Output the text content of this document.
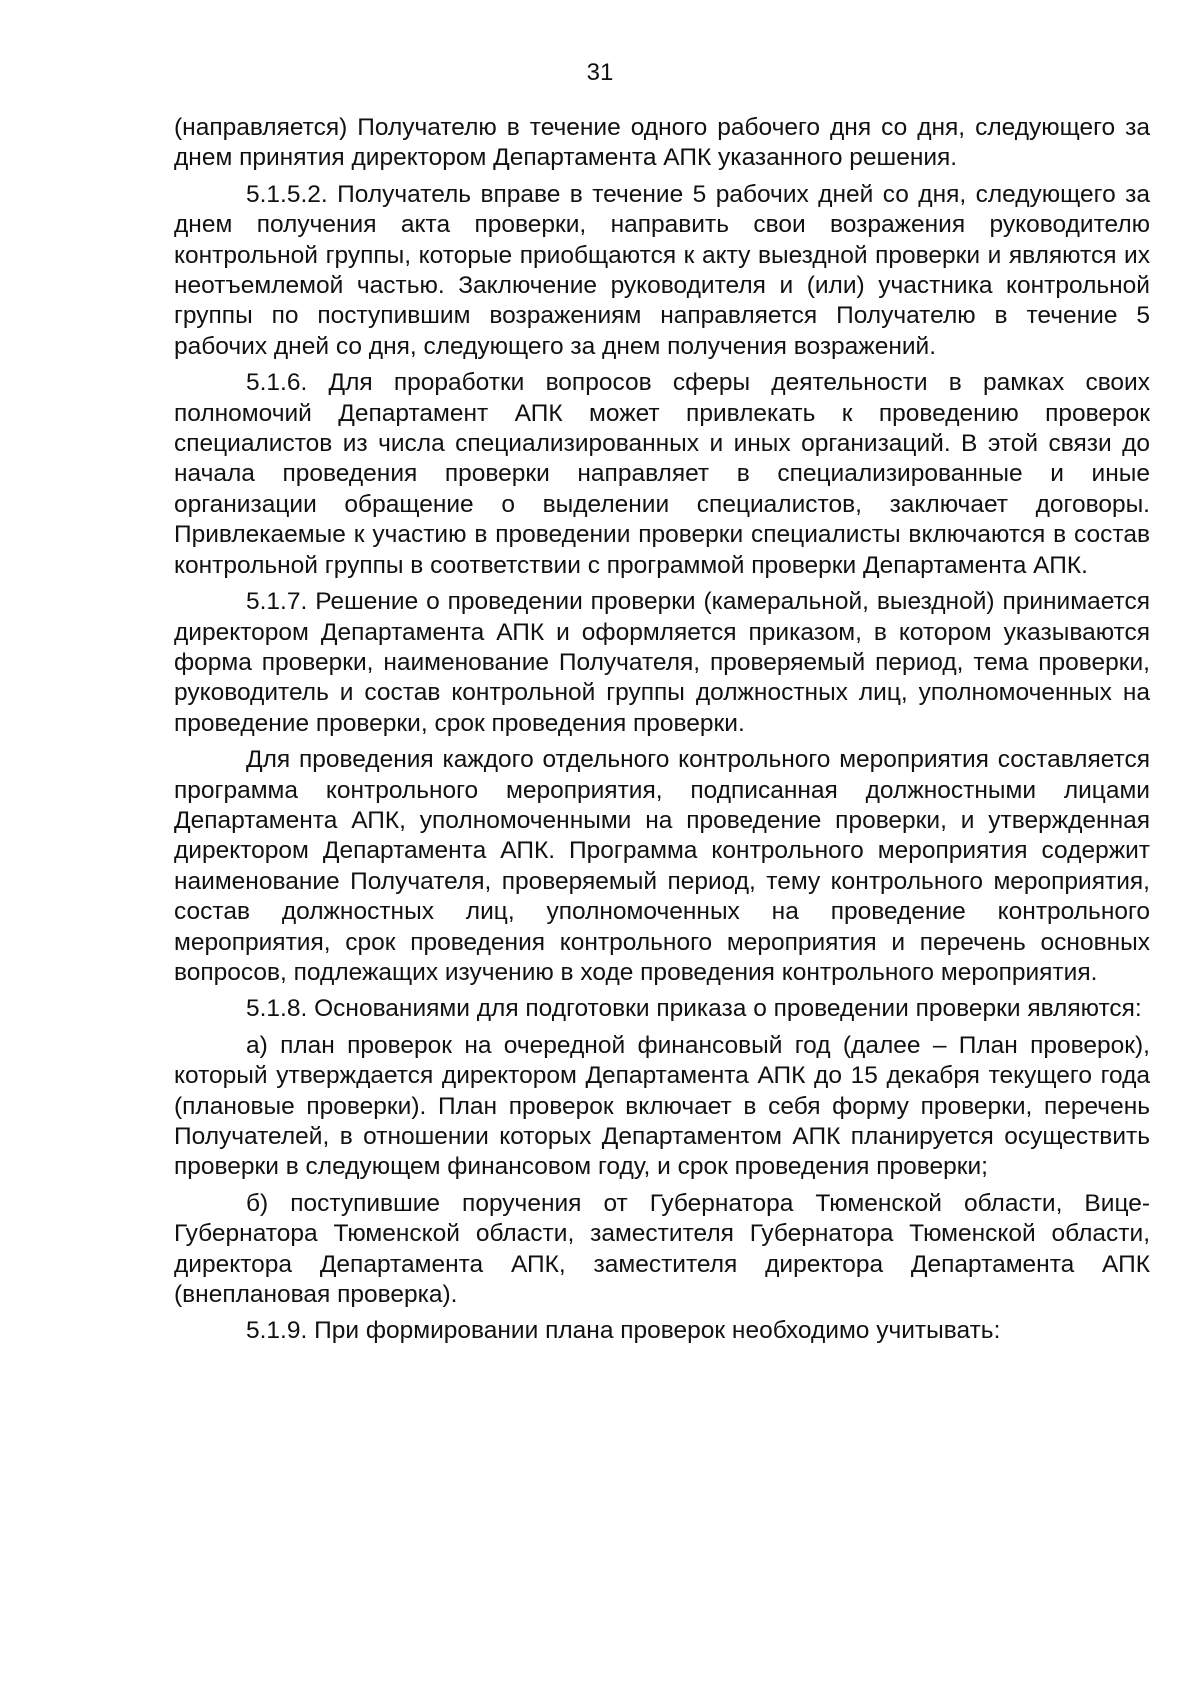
31

(направляется) Получателю в течение одного рабочего дня со дня, следующего за днем принятия директором Департамента АПК указанного решения.

5.1.5.2. Получатель вправе в течение 5 рабочих дней со дня, следующего за днем получения акта проверки, направить свои возражения руководителю контрольной группы, которые приобщаются к акту выездной проверки и являются их неотъемлемой частью. Заключение руководителя и (или) участника контрольной группы по поступившим возражениям направляется Получателю в течение 5 рабочих дней со дня, следующего за днем получения возражений.

5.1.6. Для проработки вопросов сферы деятельности в рамках своих полномочий Департамент АПК может привлекать к проведению проверок специалистов из числа специализированных и иных организаций. В этой связи до начала проведения проверки направляет в специализированные и иные организации обращение о выделении специалистов, заключает договоры. Привлекаемые к участию в проведении проверки специалисты включаются в состав контрольной группы в соответствии с программой проверки Департамента АПК.

5.1.7. Решение о проведении проверки (камеральной, выездной) принимается директором Департамента АПК и оформляется приказом, в котором указываются форма проверки, наименование Получателя, проверяемый период, тема проверки, руководитель и состав контрольной группы должностных лиц, уполномоченных на проведение проверки, срок проведения проверки.

Для проведения каждого отдельного контрольного мероприятия составляется программа контрольного мероприятия, подписанная должностными лицами Департамента АПК, уполномоченными на проведение проверки, и утвержденная директором Департамента АПК. Программа контрольного мероприятия содержит наименование Получателя, проверяемый период, тему контрольного мероприятия, состав должностных лиц, уполномоченных на проведение контрольного мероприятия, срок проведения контрольного мероприятия и перечень основных вопросов, подлежащих изучению в ходе проведения контрольного мероприятия.

5.1.8. Основаниями для подготовки приказа о проведении проверки являются:

а) план проверок на очередной финансовый год (далее – План проверок), который утверждается директором Департамента АПК до 15 декабря текущего года (плановые проверки). План проверок включает в себя форму проверки, перечень Получателей, в отношении которых Департаментом АПК планируется осуществить проверки в следующем финансовом году, и срок проведения проверки;

б) поступившие поручения от Губернатора Тюменской области, Вице-Губернатора Тюменской области, заместителя Губернатора Тюменской области, директора Департамента АПК, заместителя директора Департамента АПК (внеплановая проверка).

5.1.9. При формировании плана проверок необходимо учитывать:
